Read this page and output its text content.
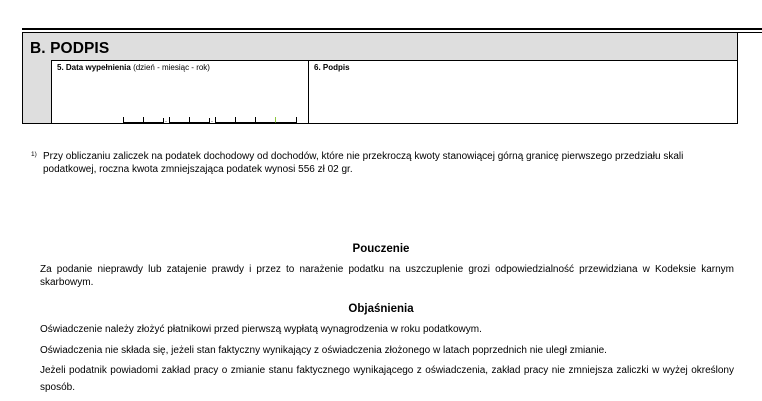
B. PODPIS
5. Data wypełnienia (dzień - miesiąc - rok)
.	.
6. Podpis
1) Przy obliczaniu zaliczek na podatek dochodowy od dochodów, które nie przekroczą kwoty stanowiącej górną granicę pierwszego przedziału skali
podatkowej, roczna kwota zmniejszająca podatek wynosi 556 zł 02 gr.
Pouczenie
Za podanie nieprawdy lub zatajenie prawdy i przez to narażenie podatku na uszczuplenie grozi odpowiedzialność przewidziana w Kodeksie karnym skarbowym.
Objaśnienia
Oświadczenie należy złożyć płatnikowi przed pierwszą wypłatą wynagrodzenia w roku podatkowym.
Oświadczenia nie składa się, jeżeli stan faktyczny wynikający z oświadczenia złożonego w latach poprzednich nie uległ zmianie.
Jeżeli podatnik powiadomi zakład pracy o zmianie stanu faktycznego wynikającego z oświadczenia, zakład pracy nie zmniejsza zaliczki w wyżej określony sposób.
